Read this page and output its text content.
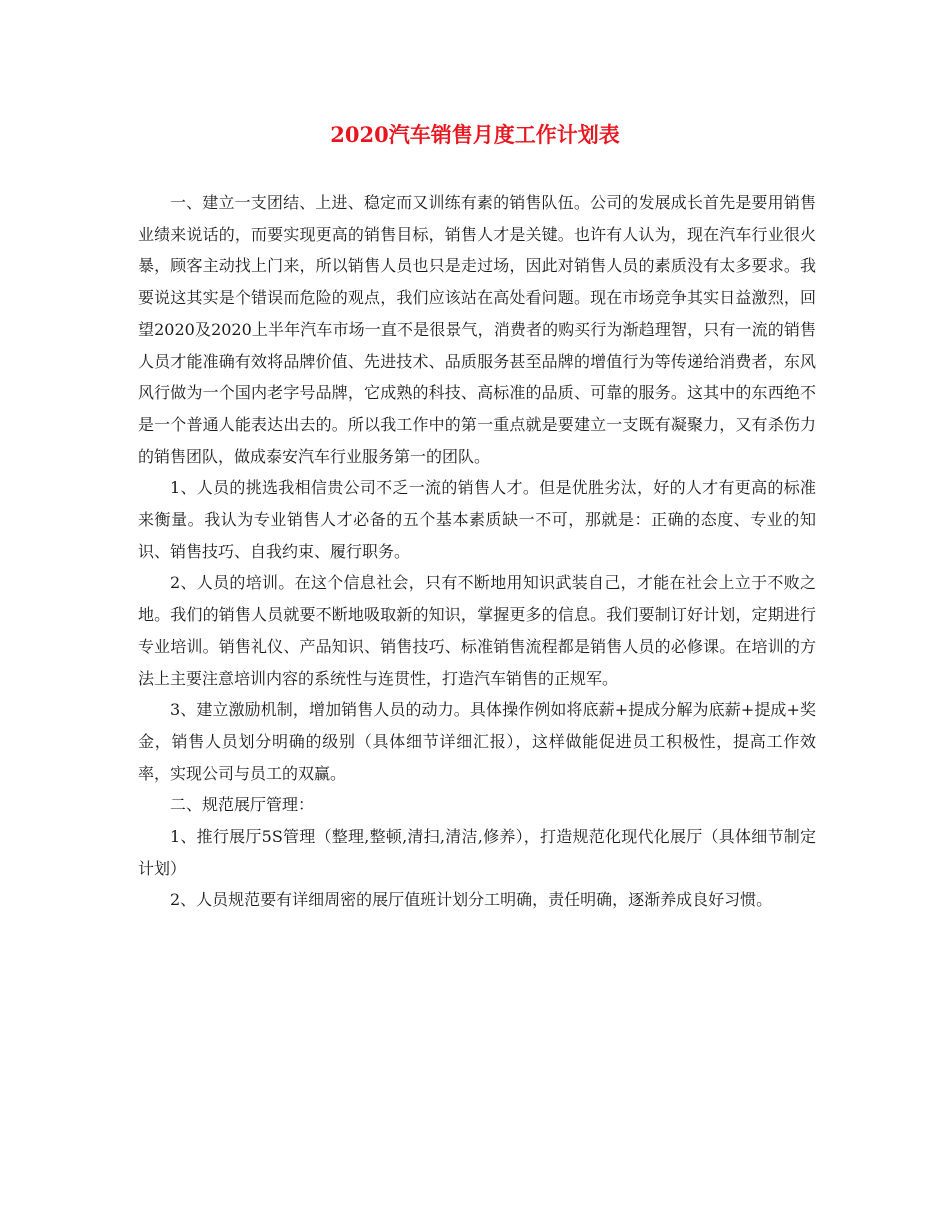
2020汽车销售月度工作计划表

一、建立一支团结、上进、稳定而又训练有素的销售队伍。公司的发展成长首先是要用销售业绩来说话的，而要实现更高的销售目标，销售人才是关键。也许有人认为，现在汽车行业很火暴，顾客主动找上门来，所以销售人员也只是走过场，因此对销售人员的素质没有太多要求。我要说这其实是个错误而危险的观点，我们应该站在高处看问题。现在市场竞争其实日益激烈，回望2020及2020上半年汽车市场一直不是很景气，消费者的购买行为渐趋理智，只有一流的销售人员才能准确有效将品牌价值、先进技术、品质服务甚至品牌的增值行为等传递给消费者，东风风行做为一个国内老字号品牌，它成熟的科技、高标准的品质、可靠的服务。这其中的东西绝不是一个普通人能表达出去的。所以我工作中的第一重点就是要建立一支既有凝聚力，又有杀伤力的销售团队，做成泰安汽车行业服务第一的团队。

1、人员的挑选我相信贵公司不乏一流的销售人才。但是优胜劣汰，好的人才有更高的标准来衡量。我认为专业销售人才必备的五个基本素质缺一不可，那就是：正确的态度、专业的知识、销售技巧、自我约束、履行职务。

2、人员的培训。在这个信息社会，只有不断地用知识武装自己，才能在社会上立于不败之地。我们的销售人员就要不断地吸取新的知识，掌握更多的信息。我们要制订好计划，定期进行专业培训。销售礼仪、产品知识、销售技巧、标准销售流程都是销售人员的必修课。在培训的方法上主要注意培训内容的系统性与连贯性，打造汽车销售的正规军。

3、建立激励机制，增加销售人员的动力。具体操作例如将底薪+提成分解为底薪+提成+奖金，销售人员划分明确的级别（具体细节详细汇报），这样做能促进员工积极性，提高工作效率，实现公司与员工的双赢。

二、规范展厅管理：

1、推行展厅5S管理（整理,整顿,清扫,清洁,修养），打造规范化现代化展厅（具体细节制定计划）

2、人员规范要有详细周密的展厅值班计划分工明确，责任明确，逐渐养成良好习惯。
